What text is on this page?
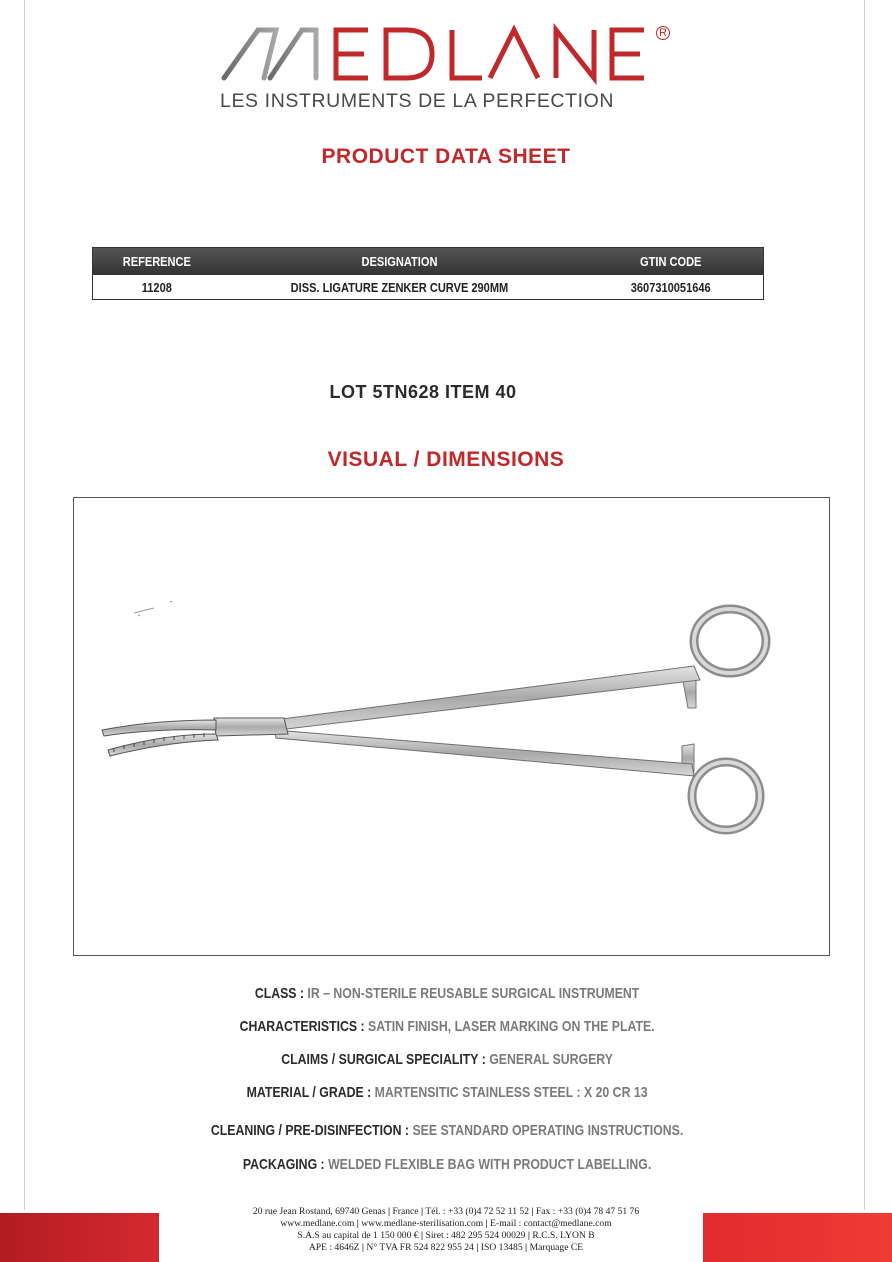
R
LES INSTRUMENTS DE LA PERFECTION
PRODUCT DATA SHEET
REFERENCE	DESIGNATION	GTIN CODE
11208	DISS. LIGATURE ZENKER CURVE 290MM	3607310051646
LOT 5TN628 ITEM 40
VISUAL / DIMENSIONS
CLASS : IR – NON-STERILE REUSABLE SURGICAL INSTRUMENT
CHARACTERISTICS : SATIN FINISH, LASER MARKING ON THE PLATE.
CLAIMS / SURGICAL SPECIALITY : GENERAL SURGERY
MATERIAL / GRADE : MARTENSITIC STAINLESS STEEL : X 20 CR 13
CLEANING / PRE-DISINFECTION : SEE STANDARD OPERATING INSTRUCTIONS.
PACKAGING : WELDED FLEXIBLE BAG WITH PRODUCT LABELLING.
20 rue Jean Rostand, 69740 Genas | France | Tél. : +33 (0)4 72 52 11 52 | Fax : +33 (0)4 78 47 51 76
www.medlane.com | www.medlane-sterilisation.com | E-mail : contact@medlane.com
S.A.S au capital de 1 150 000 € | Siret : 482 295 524 00029 | R.C.S. LYON B
APE : 4646Z | N° TVA FR 524 822 955 24 | ISO 13485 | Marquage CE
